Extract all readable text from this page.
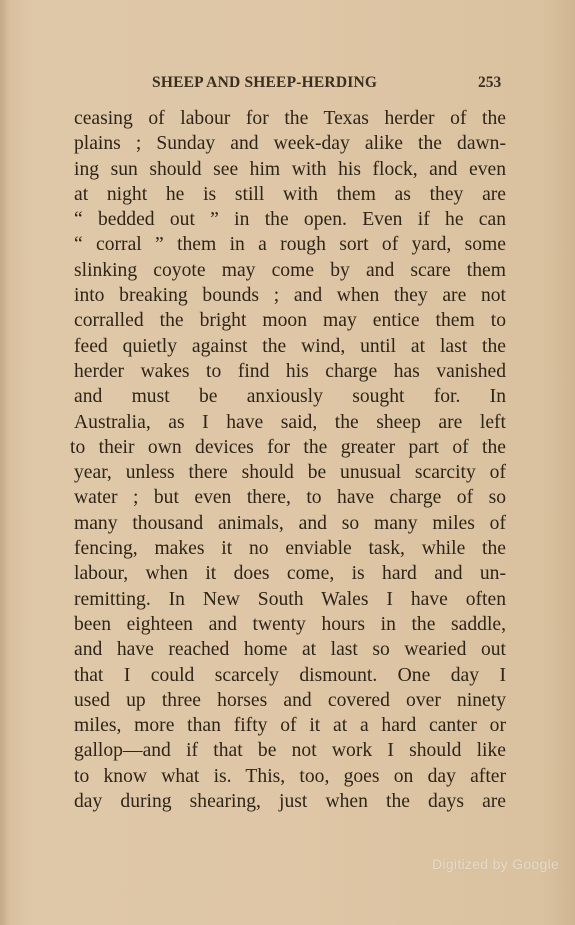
SHEEP AND SHEEP-HERDING	253
ceasing of labour for the Texas herder of the
plains ; Sunday and week-day alike the dawn-
ing sun should see him with his flock, and even
at night he is still with them as they are
“ bedded out ” in the open. Even if he can
“ corral ” them in a rough sort of yard, some
slinking coyote may come by and scare them
into breaking bounds ; and when they are not
corralled the bright moon may entice them to
feed quietly against the wind, until at last the
herder wakes to find his charge has vanished
and must be anxiously sought for. In
Australia, as I have said, the sheep are left
to their own devices for the greater part of the
year, unless there should be unusual scarcity of
water ; but even there, to have charge of so
many thousand animals, and so many miles of
fencing, makes it no enviable task, while the
labour, when it does come, is hard and un-
remitting. In New South Wales I have often
been eighteen and twenty hours in the saddle,
and have reached home at last so wearied out
that I could scarcely dismount. One day I
used up three horses and covered over ninety
miles, more than fifty of it at a hard canter or
gallop—and if that be not work I should like
to know what is. This, too, goes on day after
day during shearing, just when the days are
Digitized by Google
